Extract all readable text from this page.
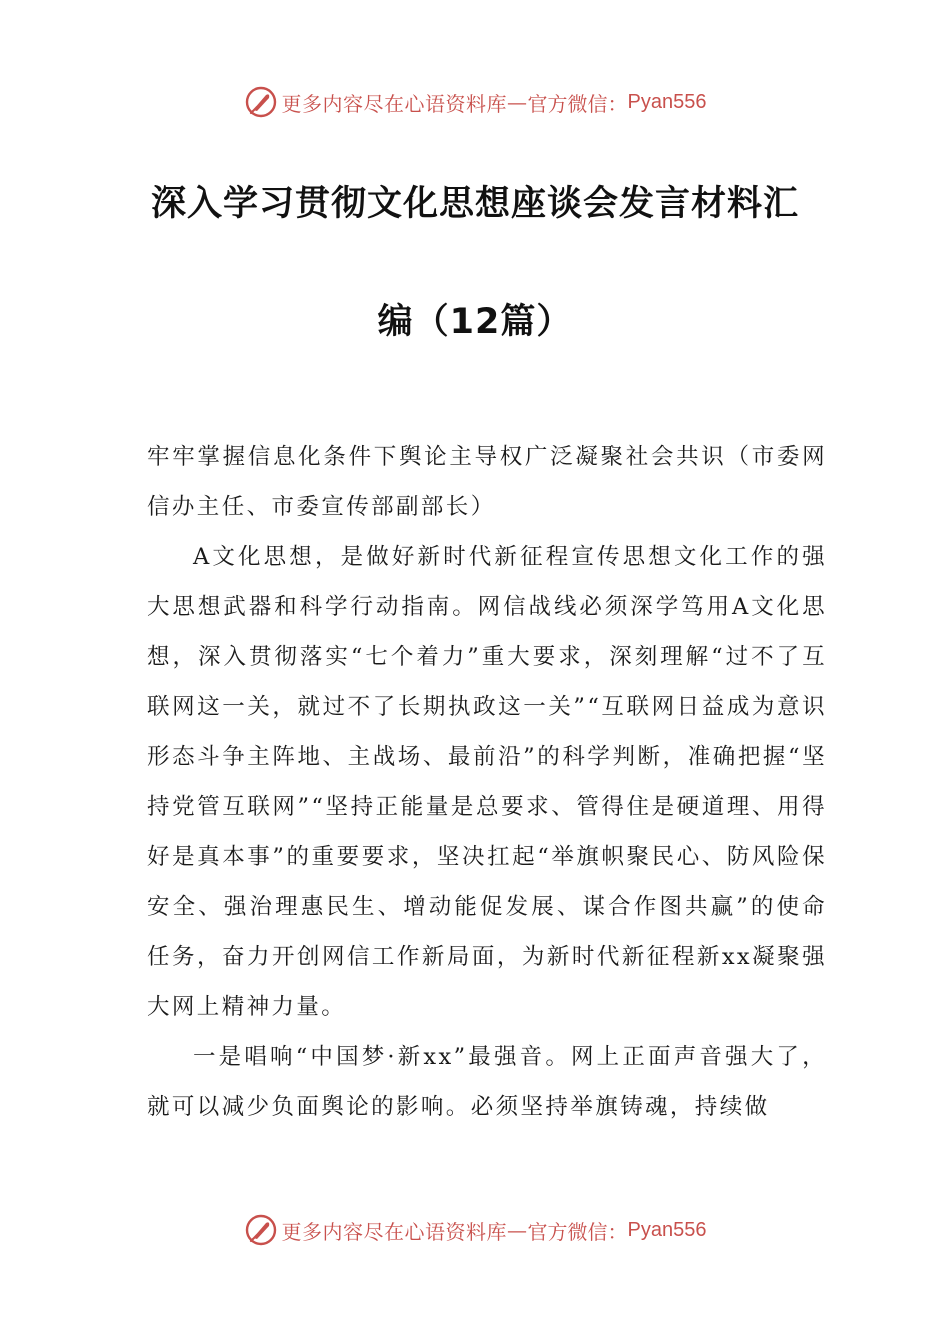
更多内容尽在心语资料库 — 官方微信： Pyan556
深入学习贯彻文化思想座谈会发言材料汇
编（12篇）

牢牢掌握信息化条件下舆论主导权广泛凝聚社会共识（市委网信办主任、市委宣传部副部长）

A文化思想，是做好新时代新征程宣传思想文化工作的强大思想武器和科学行动指南。网信战线必须深学笃用A文化思想，深入贯彻落实“七个着力”重大要求，深刻理解“过不了互联网这一关，就过不了长期执政这一关”“互联网日益成为意识形态斗争主阵地、主战场、最前沿”的科学判断，准确把握“坚持党管互联网”“坚持正能量是总要求、管得住是硬道理、用得好是真本事”的重要要求，坚决扛起“举旗帜聚民心、防风险保安全、强治理惠民生、增动能促发展、谋合作图共赢”的使命任务，奋力开创网信工作新局面，为新时代新征程新xx凝聚强大网上精神力量。

一是唱响“中国梦·新xx”最强音。网上正面声音强大了，就可以减少负面舆论的影响。必须坚持举旗铸魂，持续做

更多内容尽在心语资料库 — 官方微信： Pyan556
